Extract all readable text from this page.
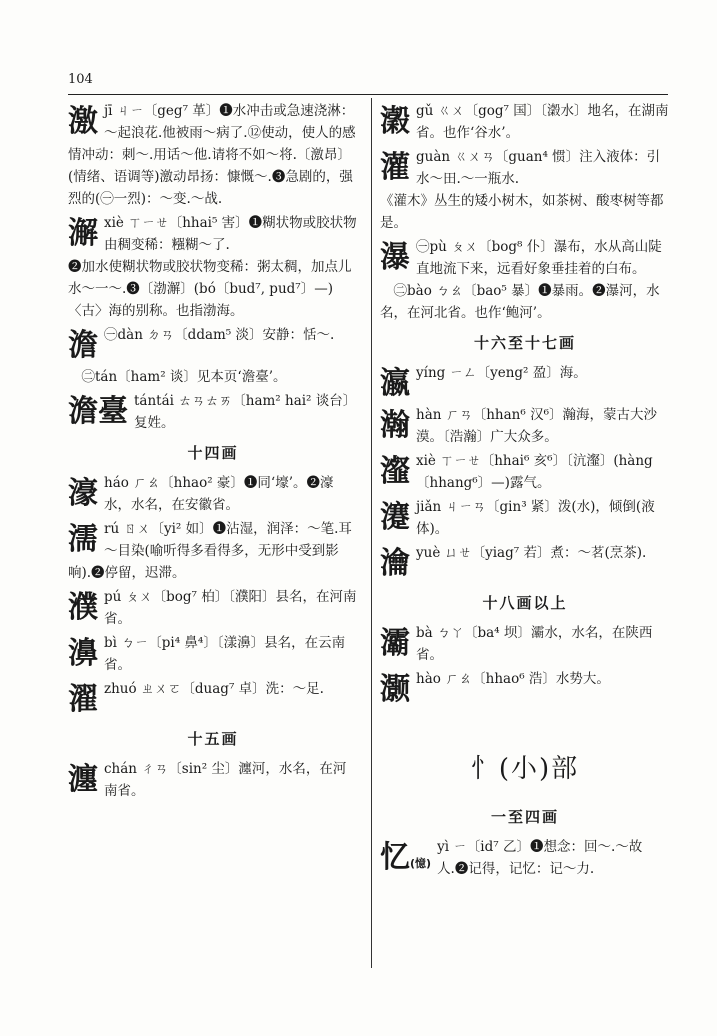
104
激 jī ㄐㄧ〔geg⁷ 革〕❶水冲击或急速浇淋：～起浪花.他被雨～病了.⑫使动，使人的感情冲动：刺～.用话～他.请将不如～将.〔激昂〕(情绪、语调等)激动昂扬：慷慨～.❸急剧的，强烈的(㊀一烈)：～变.～战.
澥 xiè ㄒㄧㄝ〔hhai⁵ 害〕❶糊状物或胶状物由稠变稀：糨糊～了.
❷加水使糊状物或胶状物变稀：粥太稠，加点儿水～一～.❸〔渤澥〕(bó〔bud⁷, pud⁷〕—)〈古〉海的别称。也指渤海。
澹 ㊀dàn ㄉㄢ〔ddam⁵ 淡〕安静：恬～.
㊁tán〔ham² 谈〕见本页‘澹臺’。
澹臺 tántái ㄊㄢㄊㄞ〔ham² hai² 谈台〕复姓。
十四画
濠 háo ㄏㄠ〔hhao² 豪〕❶同‘壕’。❷濠水，水名，在安徽省。
濡 rú ㄖㄨ〔yi² 如〕❶沾湿，润泽：～笔.耳～目染(喻听得多看得多，无形中受到影响).❷停留，迟滞。
濮 pú ㄆㄨ〔bog⁷ 柏〕〔濮阳〕县名，在河南省。
濞 bì ㄅㄧ〔pi⁴ 鼻⁴〕〔漾濞〕县名，在云南省。
濯 zhuó ㄓㄨㄛ〔duag⁷ 卓〕洗：～足.
十五画
瀍 chán ㄔㄢ〔sin² 尘〕瀍河，水名，在河南省。
瀔 gǔ ㄍㄨ〔gog⁷ 国〕〔瀔水〕地名，在湖南省。也作‘谷水’。
灌 guàn ㄍㄨㄢ〔guan⁴ 惯〕注入液体：引水～田.～一瓶水.
《灌木》丛生的矮小树木，如茶树、酸枣树等都是。
瀑 ㊀pù ㄆㄨ〔bog⁸ 仆〕瀑布，水从高山陡直地流下来，远看好象垂挂着的白布。
㊁bào ㄅㄠ〔bao⁵ 暴〕❶暴雨。❷瀑河，水名，在河北省。也作‘鲍河’。
十六至十七画
瀛 yíng ㄧㄥ〔yeng² 盈〕海。
瀚 hàn ㄏㄢ〔hhan⁶ 汉⁶〕瀚海，蒙古大沙漠。〔浩瀚〕广大众多。
瀣 xiè ㄒㄧㄝ〔hhai⁶ 亥⁶〕〔沆瀣〕(hàng〔hhang⁶〕—)露气。
瀽 jiǎn ㄐㄧㄢ〔gin³ 紧〕泼(水)，倾倒(液体)。
瀹 yuè ㄩㄝ〔yiag⁷ 若〕煮：～茗(烹茶).
十八画以上
灞 bà ㄅㄚ〔ba⁴ 坝〕灞水，水名，在陕西省。
灏 hào ㄏㄠ〔hhao⁶ 浩〕水势大。
忄(小)部
一至四画
忆(憶)
yì ㄧ〔id⁷ 乙〕❶想念：回～.～故人.❷记得，记忆：记～力.
